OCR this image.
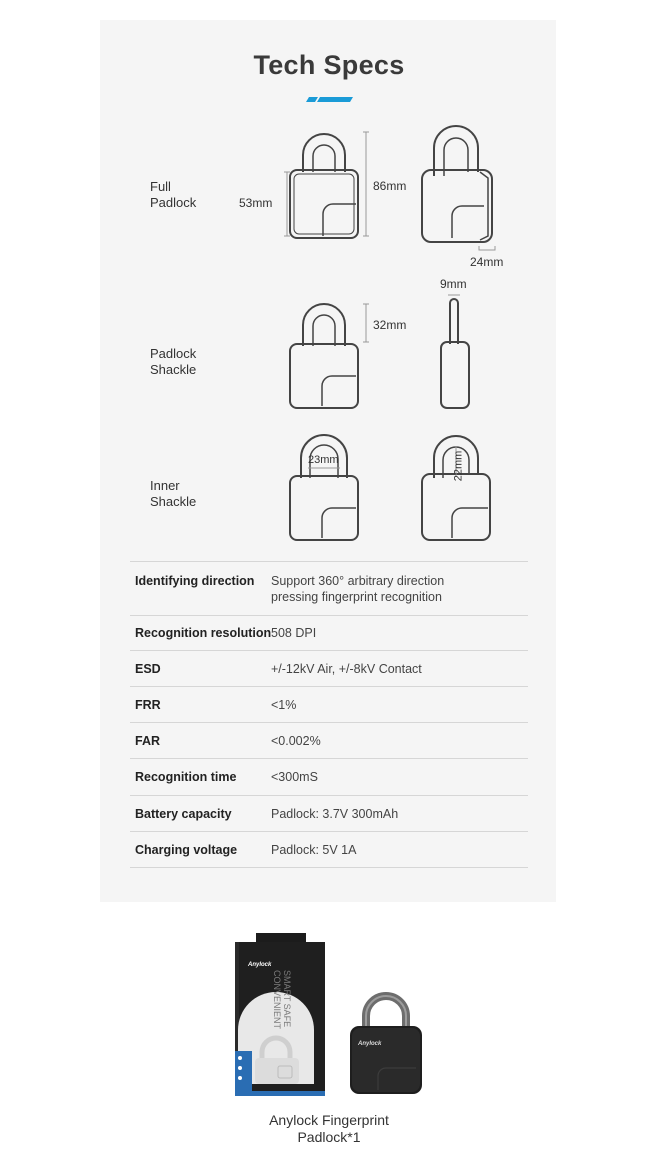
Tech Specs
Full
Padlock	53mm
86mm
24mm
Padlock
Shackle
32mm
9mm
Inner
Shackle
23mm	22mm
Identifying direction Support 360° arbitrary direction
pressing fingerprint recognition
Recognition resolution 508 DPI
ESD	+/-12kV Air, +/-8kV Contact
FRR	<1%
FAR	<0.002%
Recognition time	<300mS
Battery capacity	Padlock: 3.7V 300mAh
Charging voltage	Padlock: 5V 1A
Anylock
SMART SAFE CONVENIENT
Anylock
Anylock Fingerprint
Padlock*1
